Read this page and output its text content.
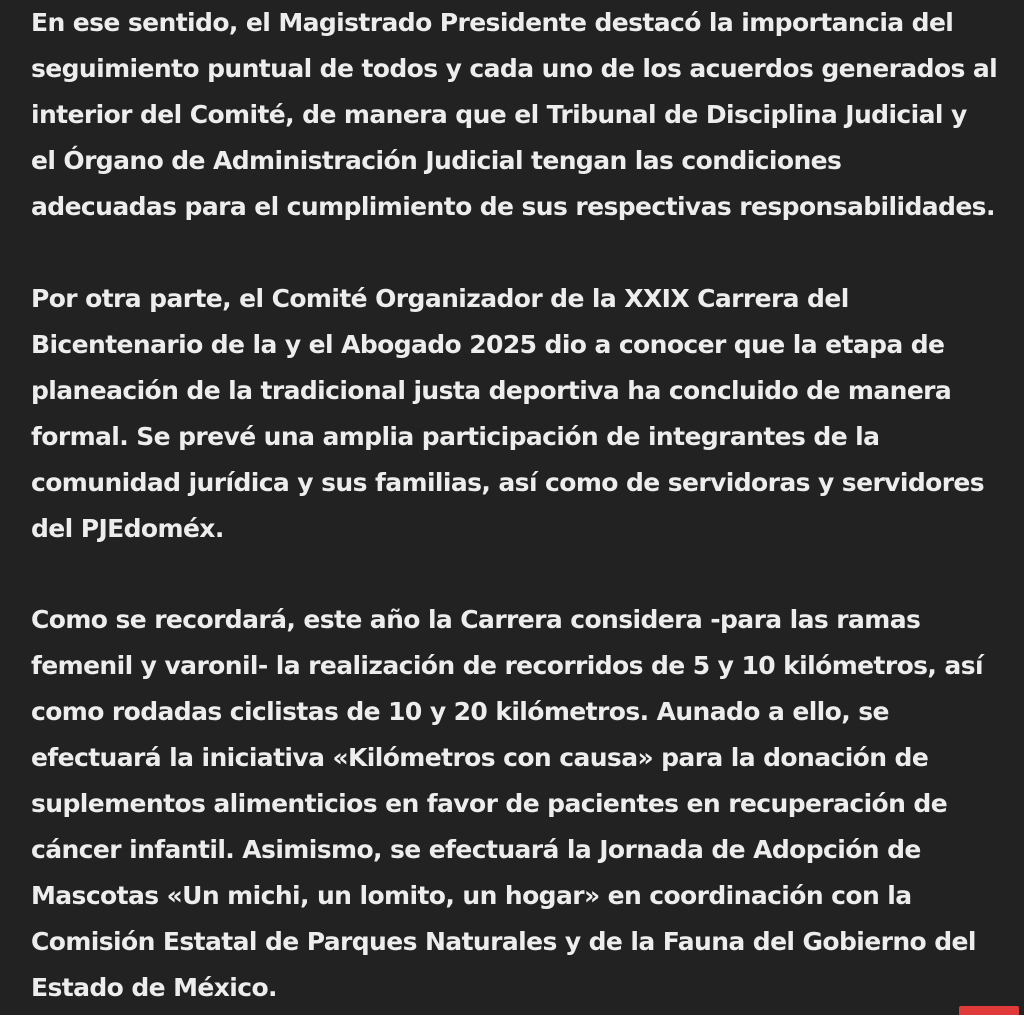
En ese sentido, el Magistrado Presidente destacó la importancia del
seguimiento puntual de todos y cada uno de los acuerdos generados al
interior del Comité, de manera que el Tribunal de Disciplina Judicial y
el Órgano de Administración Judicial tengan las condiciones
adecuadas para el cumplimiento de sus respectivas responsabilidades.

Por otra parte, el Comité Organizador de la XXIX Carrera del
Bicentenario de la y el Abogado 2025 dio a conocer que la etapa de
planeación de la tradicional justa deportiva ha concluido de manera
formal. Se prevé una amplia participación de integrantes de la
comunidad jurídica y sus familias, así como de servidoras y servidores
del PJEdoméx.

Como se recordará, este año la Carrera considera -para las ramas
femenil y varonil- la realización de recorridos de 5 y 10 kilómetros, así
como rodadas ciclistas de 10 y 20 kilómetros. Aunado a ello, se
efectuará la iniciativa «Kilómetros con causa» para la donación de
suplementos alimenticios en favor de pacientes en recuperación de
cáncer infantil. Asimismo, se efectuará la Jornada de Adopción de
Mascotas «Un michi, un lomito, un hogar» en coordinación con la
Comisión Estatal de Parques Naturales y de la Fauna del Gobierno del
Estado de México.
